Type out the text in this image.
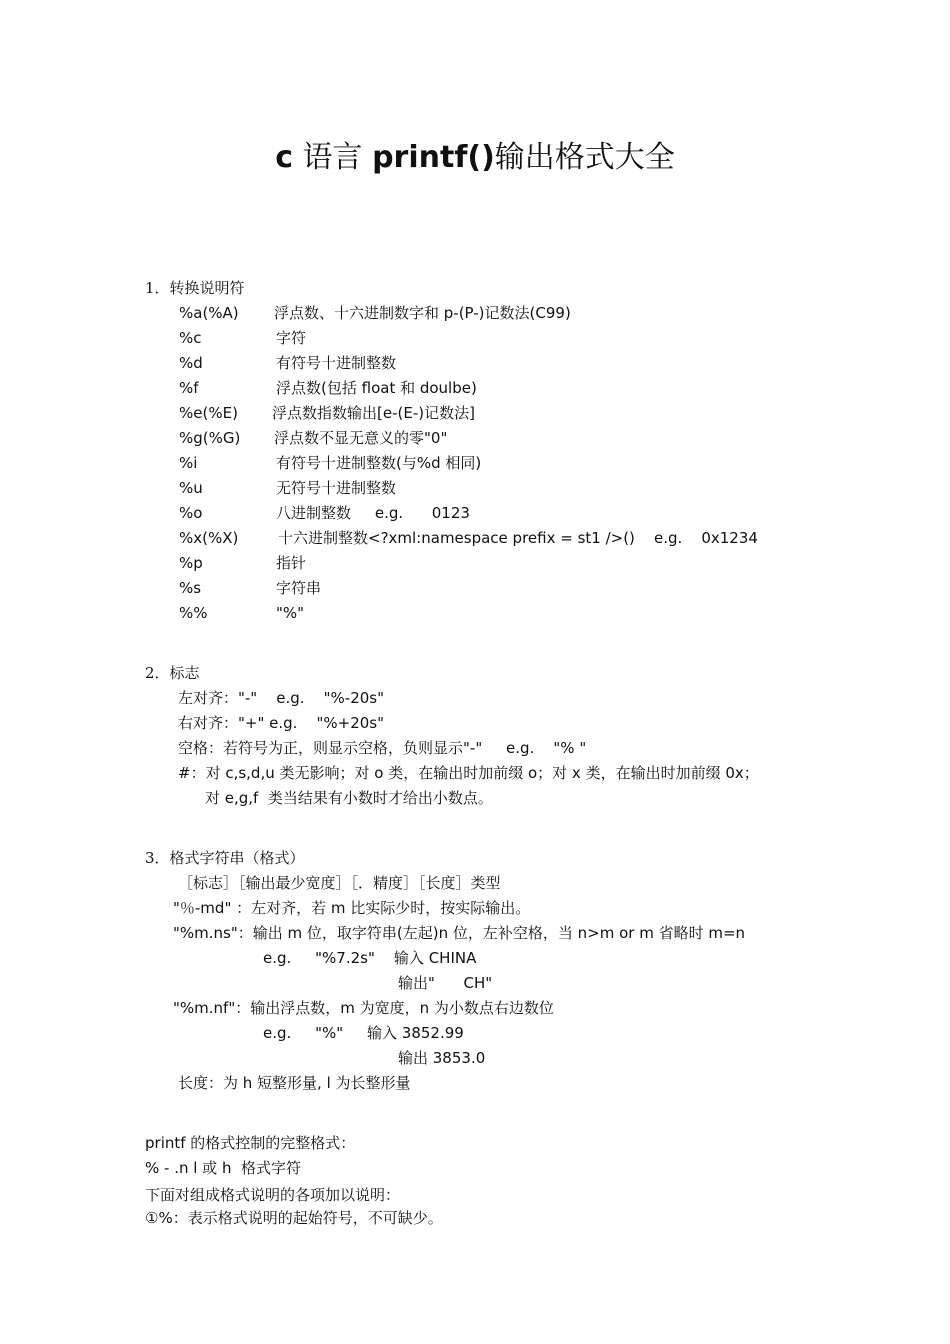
c 语言 printf()输出格式大全
1．转换说明符
%a(%A) 浮点数、十六进制数字和 p-(P-)记数法(C99)
%c	字符
%d	有符号十进制整数
%f	浮点数(包括 float 和 doulbe)
%e(%E) 浮点数指数输出[e-(E-)记数法]
%g(%G) 浮点数不显无意义的零"0"
%i	有符号十进制整数(与%d 相同)
%u	无符号十进制整数
%o	八进制整数     e.g.      0123
%x(%X)	十六进制整数<?xml:namespace prefix = st1 />()    e.g.    0x1234
%p	指针
%s	字符串
%%	"%"
2．标志
左对齐："-"    e.g.    "%-20s"
右对齐："+" e.g.    "%+20s"
空格：若符号为正，则显示空格，负则显示"-"     e.g.    "% "
#：对 c,s,d,u 类无影响；对 o 类，在输出时加前缀 o；对 x 类，在输出时加前缀 0x；
对 e,g,f  类当结果有小数时才给出小数点。
3．格式字符串（格式）
［标志］［输出最少宽度］［．精度］［长度］类型
"％-md" ：左对齐，若 m 比实际少时，按实际输出。
"%m.ns"：输出 m 位，取字符串(左起)n 位，左补空格，当 n>m or m 省略时 m=n
e.g.     "%7.2s"    输入 CHINA
输出"      CH"
"%m.nf"：输出浮点数，m 为宽度，n 为小数点右边数位
e.g.     "%"     输入 3852.99
输出 3853.0
长度：为 h 短整形量, l 为长整形量
printf 的格式控制的完整格式：
% - .n l 或 h  格式字符
下面对组成格式说明的各项加以说明：
①%：表示格式说明的起始符号，不可缺少。
